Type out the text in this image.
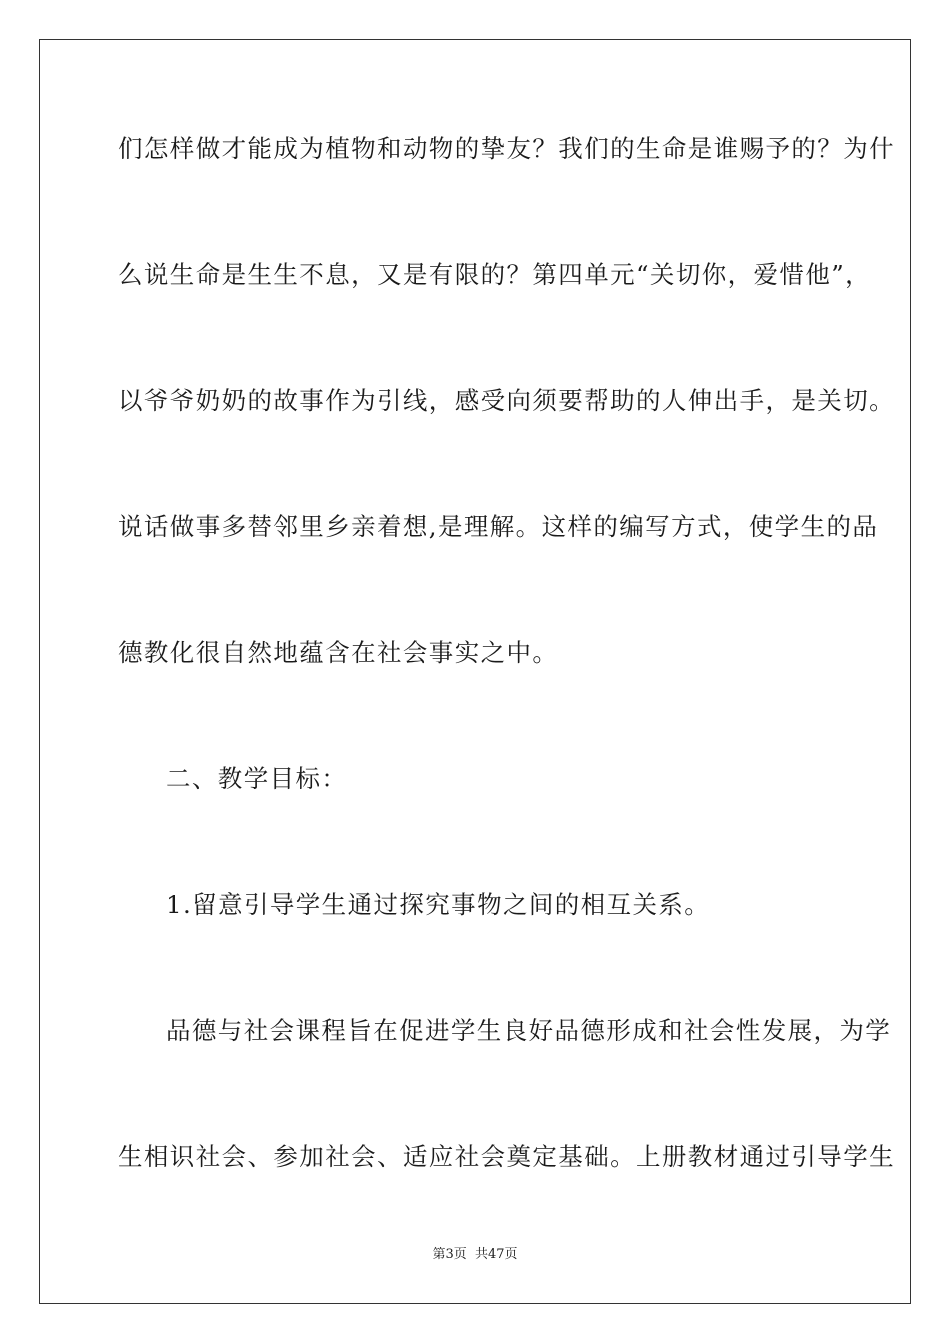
们怎样做才能成为植物和动物的挚友？我们的生命是谁赐予的？为什
么说生命是生生不息，又是有限的？第四单元“关切你，爱惜他”，
以爷爷奶奶的故事作为引线，感受向须要帮助的人伸出手，是关切。
说话做事多替邻里乡亲着想,是理解。这样的编写方式，使学生的品
德教化很自然地蕴含在社会事实之中。
二、教学目标：
1.留意引导学生通过探究事物之间的相互关系。
品德与社会课程旨在促进学生良好品德形成和社会性发展，为学
生相识社会、参加社会、适应社会奠定基础。上册教材通过引导学生
第3页  共47页
